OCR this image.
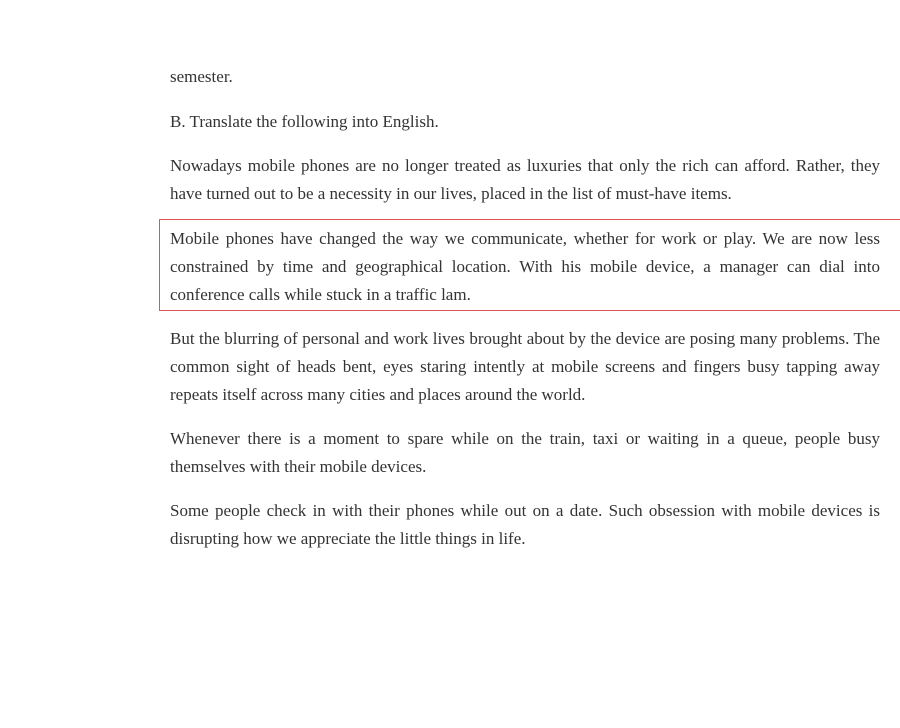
semester.

B. Translate the following into English.

Nowadays mobile phones are no longer treated as luxuries that only the rich can afford. Rather, they have turned out to be a necessity in our lives, placed in the list of must-have items.

Mobile phones have changed the way we communicate, whether for work or play. We are now less constrained by time and geographical location. With his mobile device, a manager can dial into conference calls while stuck in a traffic lam.

But the blurring of personal and work lives brought about by the device are posing many problems. The common sight of heads bent, eyes staring intently at mobile screens and fingers busy tapping away repeats itself across many cities and places around the world.

Whenever there is a moment to spare while on the train, taxi or waiting in a queue, people busy themselves with their mobile devices.

Some people check in with their phones while out on a date. Such obsession with mobile devices is disrupting how we appreciate the little things in life.
